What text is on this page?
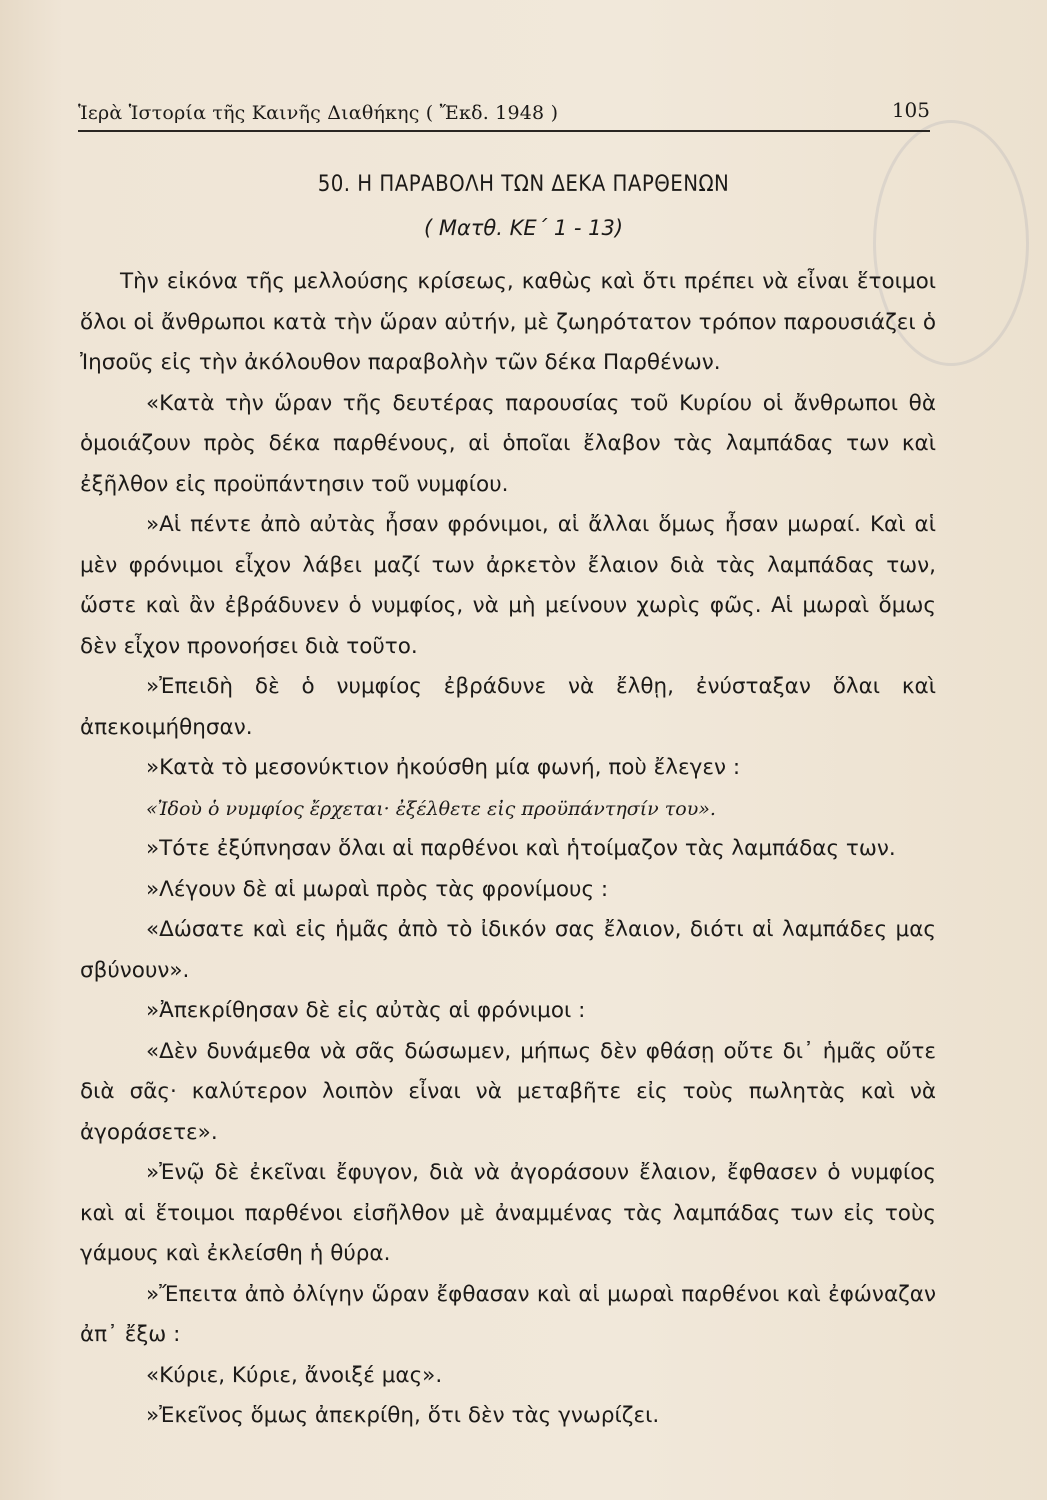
Ἱερὰ Ἱστορία τῆς Καινῆς Διαθήκης ( Ἔκδ. 1948 )	105
50. Η ΠΑΡΑΒΟΛΗ ΤΩΝ ΔΕΚΑ ΠΑΡΘΕΝΩΝ
( Ματθ. ΚΕ΄ 1 - 13)

Τὴν εἰκόνα τῆς μελλούσης κρίσεως, καθὼς καὶ ὅτι πρέπει νὰ εἶναι ἕτοιμοι ὅλοι οἱ ἄνθρωποι κατὰ τὴν ὥραν αὐτήν, μὲ ζωηρότατον τρόπον παρουσιάζει ὁ Ἰησοῦς εἰς τὴν ἀκόλουθον παραβολὴν τῶν δέκα Παρθένων.

«Κατὰ τὴν ὥραν τῆς δευτέρας παρουσίας τοῦ Κυρίου οἱ ἄνθρωποι θὰ ὁμοιάζουν πρὸς δέκα παρθένους, αἱ ὁποῖαι ἔλαβον τὰς λαμπάδας των καὶ ἐξῆλθον εἰς προϋπάντησιν τοῦ νυμφίου.

»Αἱ πέντε ἀπὸ αὐτὰς ἦσαν φρόνιμοι, αἱ ἄλλαι ὅμως ἦσαν μωραί. Καὶ αἱ μὲν φρόνιμοι εἶχον λάβει μαζί των ἀρκετὸν ἔλαιον διὰ τὰς λαμπάδας των, ὥστε καὶ ἂν ἐβράδυνεν ὁ νυμφίος, νὰ μὴ μείνουν χωρὶς φῶς. Αἱ μωραὶ ὅμως δὲν εἶχον προνοήσει διὰ τοῦτο.

»Ἐπειδὴ δὲ ὁ νυμφίος ἐβράδυνε νὰ ἔλθῃ, ἐνύσταξαν ὅλαι καὶ ἀπεκοιμήθησαν.

»Κατὰ τὸ μεσονύκτιον ἠκούσθη μία φωνή, ποὺ ἔλεγεν :

«Ἰδοὺ ὁ νυμφίος ἔρχεται· ἐξέλθετε εἰς προϋπάντησίν του».

»Τότε ἐξύπνησαν ὅλαι αἱ παρθένοι καὶ ἡτοίμαζον τὰς λαμπάδας των.

»Λέγουν δὲ αἱ μωραὶ πρὸς τὰς φρονίμους :

«Δώσατε καὶ εἰς ἡμᾶς ἀπὸ τὸ ἰδικόν σας ἔλαιον, διότι αἱ λαμπάδες μας σβύνουν».

»Ἀπεκρίθησαν δὲ εἰς αὐτὰς αἱ φρόνιμοι :

«Δὲν δυνάμεθα νὰ σᾶς δώσωμεν, μήπως δὲν φθάσῃ οὔτε δι᾽ ἡμᾶς οὔτε διὰ σᾶς· καλύτερον λοιπὸν εἶναι νὰ μεταβῆτε εἰς τοὺς πωλητὰς καὶ νὰ ἀγοράσετε».

»Ἐνῷ δὲ ἐκεῖναι ἔφυγον, διὰ νὰ ἀγοράσουν ἔλαιον, ἔφθασεν ὁ νυμφίος καὶ αἱ ἕτοιμοι παρθένοι εἰσῆλθον μὲ ἀναμμένας τὰς λαμπάδας των εἰς τοὺς γάμους καὶ ἐκλείσθη ἡ θύρα.

»Ἔπειτα ἀπὸ ὀλίγην ὥραν ἔφθασαν καὶ αἱ μωραὶ παρθένοι καὶ ἐφώναζαν ἀπ᾽ ἔξω :

«Κύριε, Κύριε, ἄνοιξέ μας».

»Ἐκεῖνος ὅμως ἀπεκρίθη, ὅτι δὲν τὰς γνωρίζει.
